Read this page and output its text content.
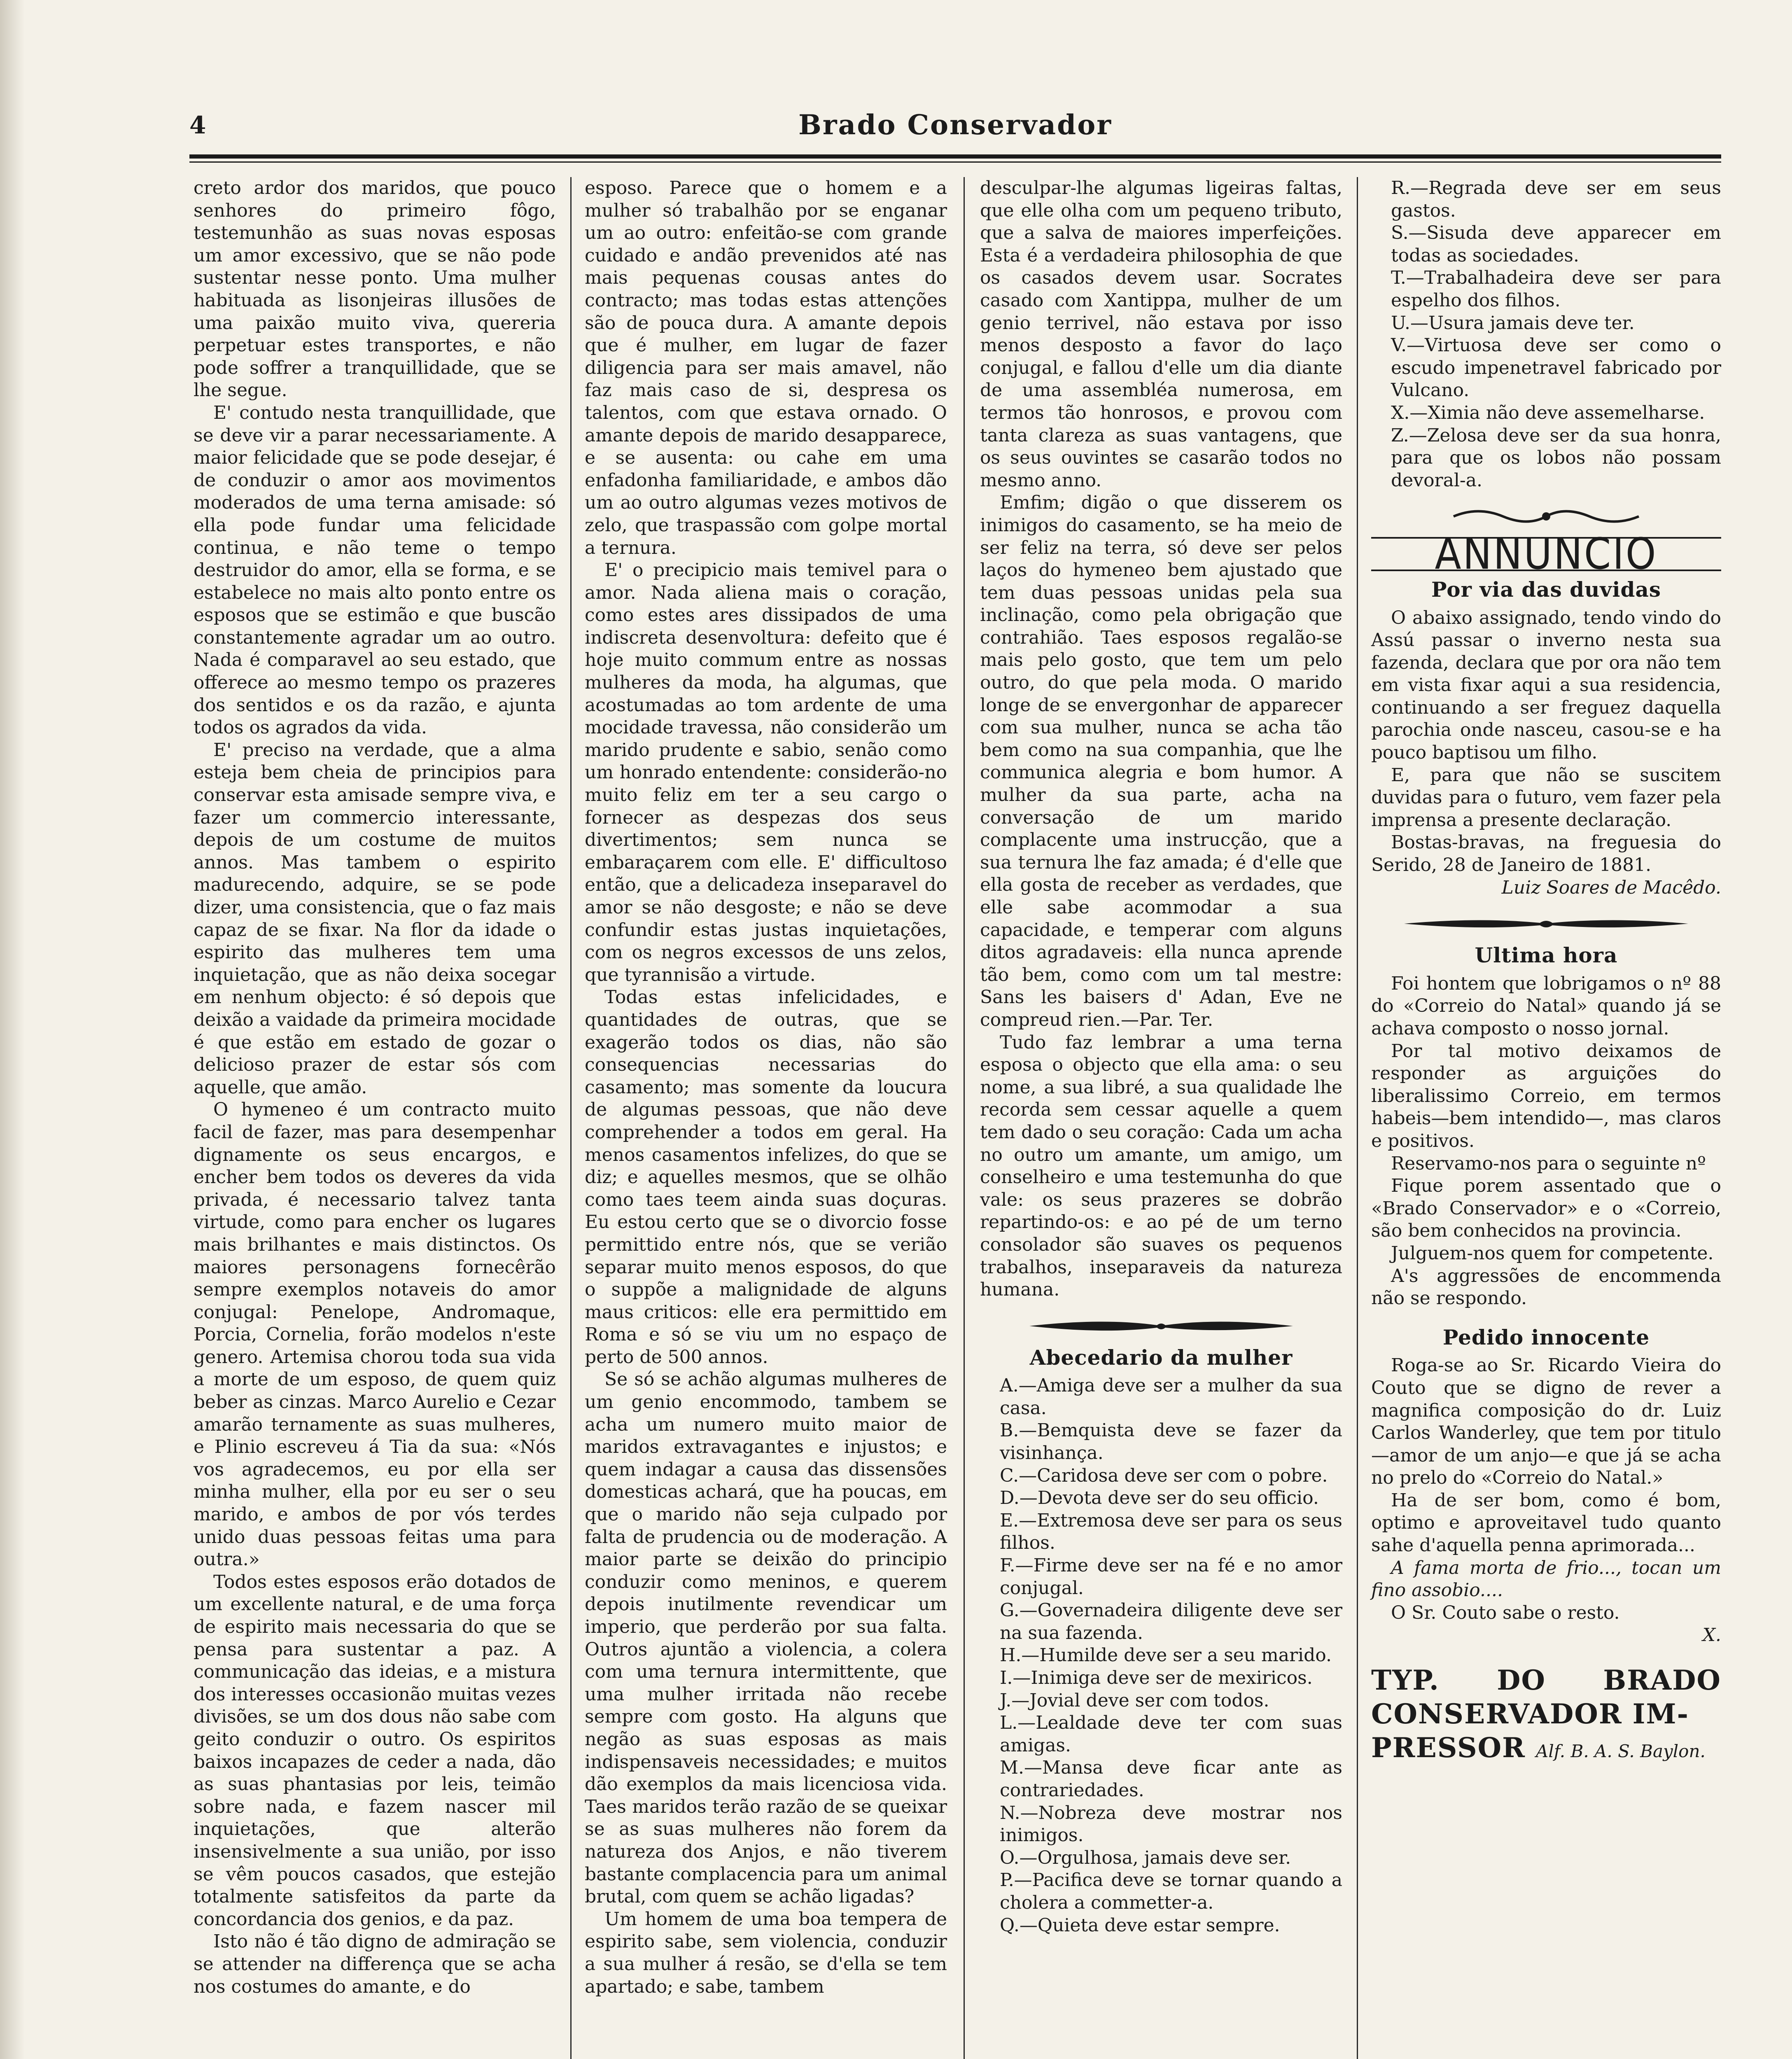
4	Brado Conservador

creto ardor dos maridos, que pouco senhores do primeiro fôgo, testemunhão as suas novas esposas um amor excessivo, que se não pode sustentar nesse ponto. Uma mulher habituada as lisonjeiras illusões de uma paixão muito viva, quereria perpetuar estes transportes, e não pode soffrer a tranquillidade, que se lhe segue.

E' contudo nesta tranquillidade, que se deve vir a parar necessariamente. A maior felicidade que se pode desejar, é de conduzir o amor aos movimentos moderados de uma terna amisade: só ella pode fundar uma felicidade continua, e não teme o tempo destruidor do amor, ella se forma, e se estabelece no mais alto ponto entre os esposos que se estimão e que buscão constantemente agradar um ao outro. Nada é comparavel ao seu estado, que offerece ao mesmo tempo os prazeres dos sentidos e os da razão, e ajunta todos os agrados da vida.

E' preciso na verdade, que a alma esteja bem cheia de principios para conservar esta amisade sempre viva, e fazer um commercio interessante, depois de um costume de muitos annos. Mas tambem o espirito madurecendo, adquire, se se pode dizer, uma consistencia, que o faz mais capaz de se fixar. Na flor da idade o espirito das mulheres tem uma inquietação, que as não deixa socegar em nenhum objecto: é só depois que deixão a vaidade da primeira mocidade é que estão em estado de gozar o delicioso prazer de estar sós com aquelle, que amão.

O hymeneo é um contracto muito facil de fazer, mas para desempenhar dignamente os seus encargos, e encher bem todos os deveres da vida privada, é necessario talvez tanta virtude, como para encher os lugares mais brilhantes e mais distinctos. Os maiores personagens fornecêrão sempre exemplos notaveis do amor conjugal: Penelope, Andromaque, Porcia, Cornelia, forão modelos n'este genero. Artemisa chorou toda sua vida a morte de um esposo, de quem quiz beber as cinzas. Marco Aurelio e Cezar amarão ternamente as suas mulheres, e Plinio escreveu á Tia da sua: «Nós vos agradecemos, eu por ella ser minha mulher, ella por eu ser o seu marido, e ambos de por vós terdes unido duas pessoas feitas uma para outra.»

Todos estes esposos erão dotados de um excellente natural, e de uma força de espirito mais necessaria do que se pensa para sustentar a paz. A communicação das ideias, e a mistura dos interesses occasionão muitas vezes divisões, se um dos dous não sabe com geito conduzir o outro. Os espiritos baixos incapazes de ceder a nada, dão as suas phantasias por leis, teimão sobre nada, e fazem nascer mil inquietações, que alterão insensivelmente a sua união, por isso se vêm poucos casados, que estejão totalmente satisfeitos da parte da concordancia dos genios, e da paz.

Isto não é tão digno de admiração se se attender na differença que se acha nos costumes do amante, e do

esposo. Parece que o homem e a mulher só trabalhão por se enganar um ao outro: enfeitão-se com grande cuidado e andão prevenidos até nas mais pequenas cousas antes do contracto; mas todas estas attenções são de pouca dura. A amante depois que é mulher, em lugar de fazer diligencia para ser mais amavel, não faz mais caso de si, despresa os talentos, com que estava ornado. O amante depois de marido desapparece, e se ausenta: ou cahe em uma enfadonha familiaridade, e ambos dão um ao outro algumas vezes motivos de zelo, que traspassão com golpe mortal a ternura.

E' o precipicio mais temivel para o amor. Nada aliena mais o coração, como estes ares dissipados de uma indiscreta desenvoltura: defeito que é hoje muito commum entre as nossas mulheres da moda, ha algumas, que acostumadas ao tom ardente de uma mocidade travessa, não considerão um marido prudente e sabio, senão como um honrado entendente: considerão-no muito feliz em ter a seu cargo o fornecer as despezas dos seus divertimentos; sem nunca se embaraçarem com elle. E' difficultoso então, que a delicadeza inseparavel do amor se não desgoste; e não se deve confundir estas justas inquietações, com os negros excessos de uns zelos, que tyrannisão a virtude.

Todas estas infelicidades, e quantidades de outras, que se exagerão todos os dias, não são consequencias necessarias do casamento; mas somente da loucura de algumas pessoas, que não deve comprehender a todos em geral. Ha menos casamentos infelizes, do que se diz; e aquelles mesmos, que se olhão como taes teem ainda suas doçuras. Eu estou certo que se o divorcio fosse permittido entre nós, que se verião separar muito menos esposos, do que o suppõe a malignidade de alguns maus criticos: elle era permittido em Roma e só se viu um no espaço de perto de 500 annos.

Se só se achão algumas mulheres de um genio encommodo, tambem se acha um numero muito maior de maridos extravagantes e injustos; e quem indagar a causa das dissensões domesticas achará, que ha poucas, em que o marido não seja culpado por falta de prudencia ou de moderação. A maior parte se deixão do principio conduzir como meninos, e querem depois inutilmente revendicar um imperio, que perderão por sua falta. Outros ajuntão a violencia, a colera com uma ternura intermittente, que uma mulher irritada não recebe sempre com gosto. Ha alguns que negão as suas esposas as mais indispensaveis necessidades; e muitos dão exemplos da mais licenciosa vida. Taes maridos terão razão de se queixar se as suas mulheres não forem da natureza dos Anjos, e não tiverem bastante complacencia para um animal brutal, com quem se achão ligadas?

Um homem de uma boa tempera de espirito sabe, sem violencia, conduzir a sua mulher á resão, se d'ella se tem apartado; e sabe, tambem

desculpar-lhe algumas ligeiras faltas, que elle olha com um pequeno tributo, que a salva de maiores imperfeições. Esta é a verdadeira philosophia de que os casados devem usar. Socrates casado com Xantippa, mulher de um genio terrivel, não estava por isso menos desposto a favor do laço conjugal, e fallou d'elle um dia diante de uma assembléa numerosa, em termos tão honrosos, e provou com tanta clareza as suas vantagens, que os seus ouvintes se casarão todos no mesmo anno.

Emfim; digão o que disserem os inimigos do casamento, se ha meio de ser feliz na terra, só deve ser pelos laços do hymeneo bem ajustado que tem duas pessoas unidas pela sua inclinação, como pela obrigação que contrahião. Taes esposos regalão-se mais pelo gosto, que tem um pelo outro, do que pela moda. O marido longe de se envergonhar de apparecer com sua mulher, nunca se acha tão bem como na sua companhia, que lhe communica alegria e bom humor. A mulher da sua parte, acha na conversação de um marido complacente uma instrucção, que a sua ternura lhe faz amada; é d'elle que ella gosta de receber as verdades, que elle sabe acommodar a sua capacidade, e temperar com alguns ditos agradaveis: ella nunca aprende tão bem, como com um tal mestre: Sans les baisers d' Adan, Eve ne compreud rien.—Par. Ter.

Tudo faz lembrar a uma terna esposa o objecto que ella ama: o seu nome, a sua libré, a sua qualidade lhe recorda sem cessar aquelle a quem tem dado o seu coração: Cada um acha no outro um amante, um amigo, um conselheiro e uma testemunha do que vale: os seus prazeres se dobrão repartindo-os: e ao pé de um terno consolador são suaves os pequenos trabalhos, inseparaveis da natureza humana.

Abecedario da mulher

A.—Amiga deve ser a mulher da sua casa.

B.—Bemquista deve se fazer da visinhança.

C.—Caridosa deve ser com o pobre.

D.—Devota deve ser do seu officio.

E.—Extremosa deve ser para os seus filhos.

F.—Firme deve ser na fé e no amor conjugal.

G.—Governadeira diligente deve ser na sua fazenda.

H.—Humilde deve ser a seu marido.

I.—Inimiga deve ser de mexiricos.

J.—Jovial deve ser com todos.

L.—Lealdade deve ter com suas amigas.

M.—Mansa deve ficar ante as contrariedades.

N.—Nobreza deve mostrar nos inimigos.

O.—Orgulhosa, jamais deve ser.

P.—Pacifica deve se tornar quando a cholera a commetter-a.

Q.—Quieta deve estar sempre.

R.—Regrada deve ser em seus gastos.

S.—Sisuda deve apparecer em todas as sociedades.

T.—Trabalhadeira deve ser para espelho dos filhos.

U.—Usura jamais deve ter.

V.—Virtuosa deve ser como o escudo impenetravel fabricado por Vulcano.

X.—Ximia não deve assemelharse.

Z.—Zelosa deve ser da sua honra, para que os lobos não possam devoral-a.

ANNUNCIO
Por via das duvidas

O abaixo assignado, tendo vindo do Assú passar o inverno nesta sua fazenda, declara que por ora não tem em vista fixar aqui a sua residencia, continuando a ser freguez daquella parochia onde nasceu, casou-se e ha pouco baptisou um filho.

E, para que não se suscitem duvidas para o futuro, vem fazer pela imprensa a presente declaração.

Bostas-bravas, na freguesia do Serido, 28 de Janeiro de 1881.

Luiz Soares de Macêdo.

Ultima hora

Foi hontem que lobrigamos o nº 88 do «Correio do Natal» quando já se achava composto o nosso jornal.

Por tal motivo deixamos de responder as arguições do liberalissimo Correio, em termos habeis—bem intendido—, mas claros e positivos.

Reservamo-nos para o seguinte nº

Fique porem assentado que o «Brado Conservador» e o «Correio, são bem conhecidos na provincia.

Julguem-nos quem for competente.

A's aggressões de encommenda não se respondo.

Pedido innocente

Roga-se ao Sr. Ricardo Vieira do Couto que se digno de rever a magnifica composição do dr. Luiz Carlos Wanderley, que tem por titulo—amor de um anjo—e que já se acha no prelo do «Correio do Natal.»

Ha de ser bom, como é bom, optimo e aproveitavel tudo quanto sahe d'aquella penna aprimorada...

A fama morta de frio..., tocan um fino assobio....

O Sr. Couto sabe o resto.

X.

TYP. DO BRADO CONSERVADOR IM-
PRESSOR Alf. B. A. S. Baylon.
